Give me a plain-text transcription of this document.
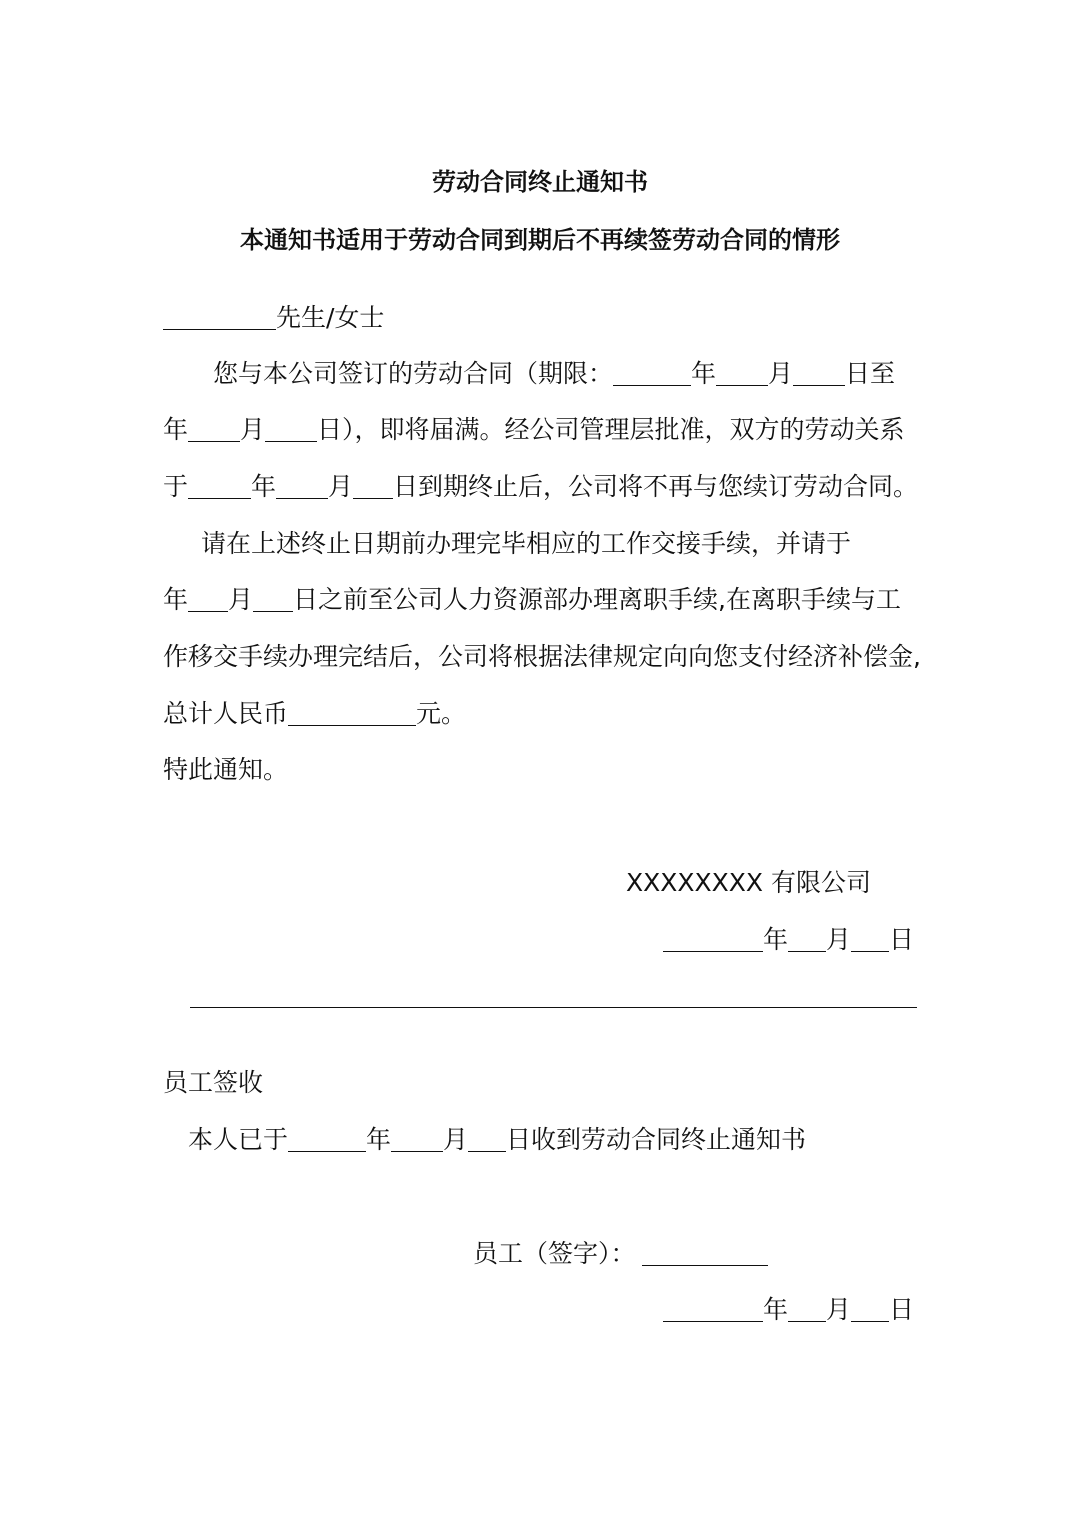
劳动合同终止通知书
本通知书适用于劳动合同到期后不再续签劳动合同的情形
先生/女士
您与本公司签订的劳动合同（期限：	年 月 日至
年 月 日），即将届满。经公司管理层批准，双方的劳动关系
于	年 月 日到期终止后，公司将不再与您续订劳动合同。
请在上述终止日期前办理完毕相应的工作交接手续，并请于
年 月 日之前至公司人力资源部办理离职手续,在离职手续与工
作移交手续办理完结后，公司将根据法律规定向向您支付经济补偿金,
总计人民币	元。
特此通知。
XXXXXXXX 有限公司
年 月 日
员工签收
本人已于	年 月 日收到劳动合同终止通知书
员工（签字）：
年 月 日
